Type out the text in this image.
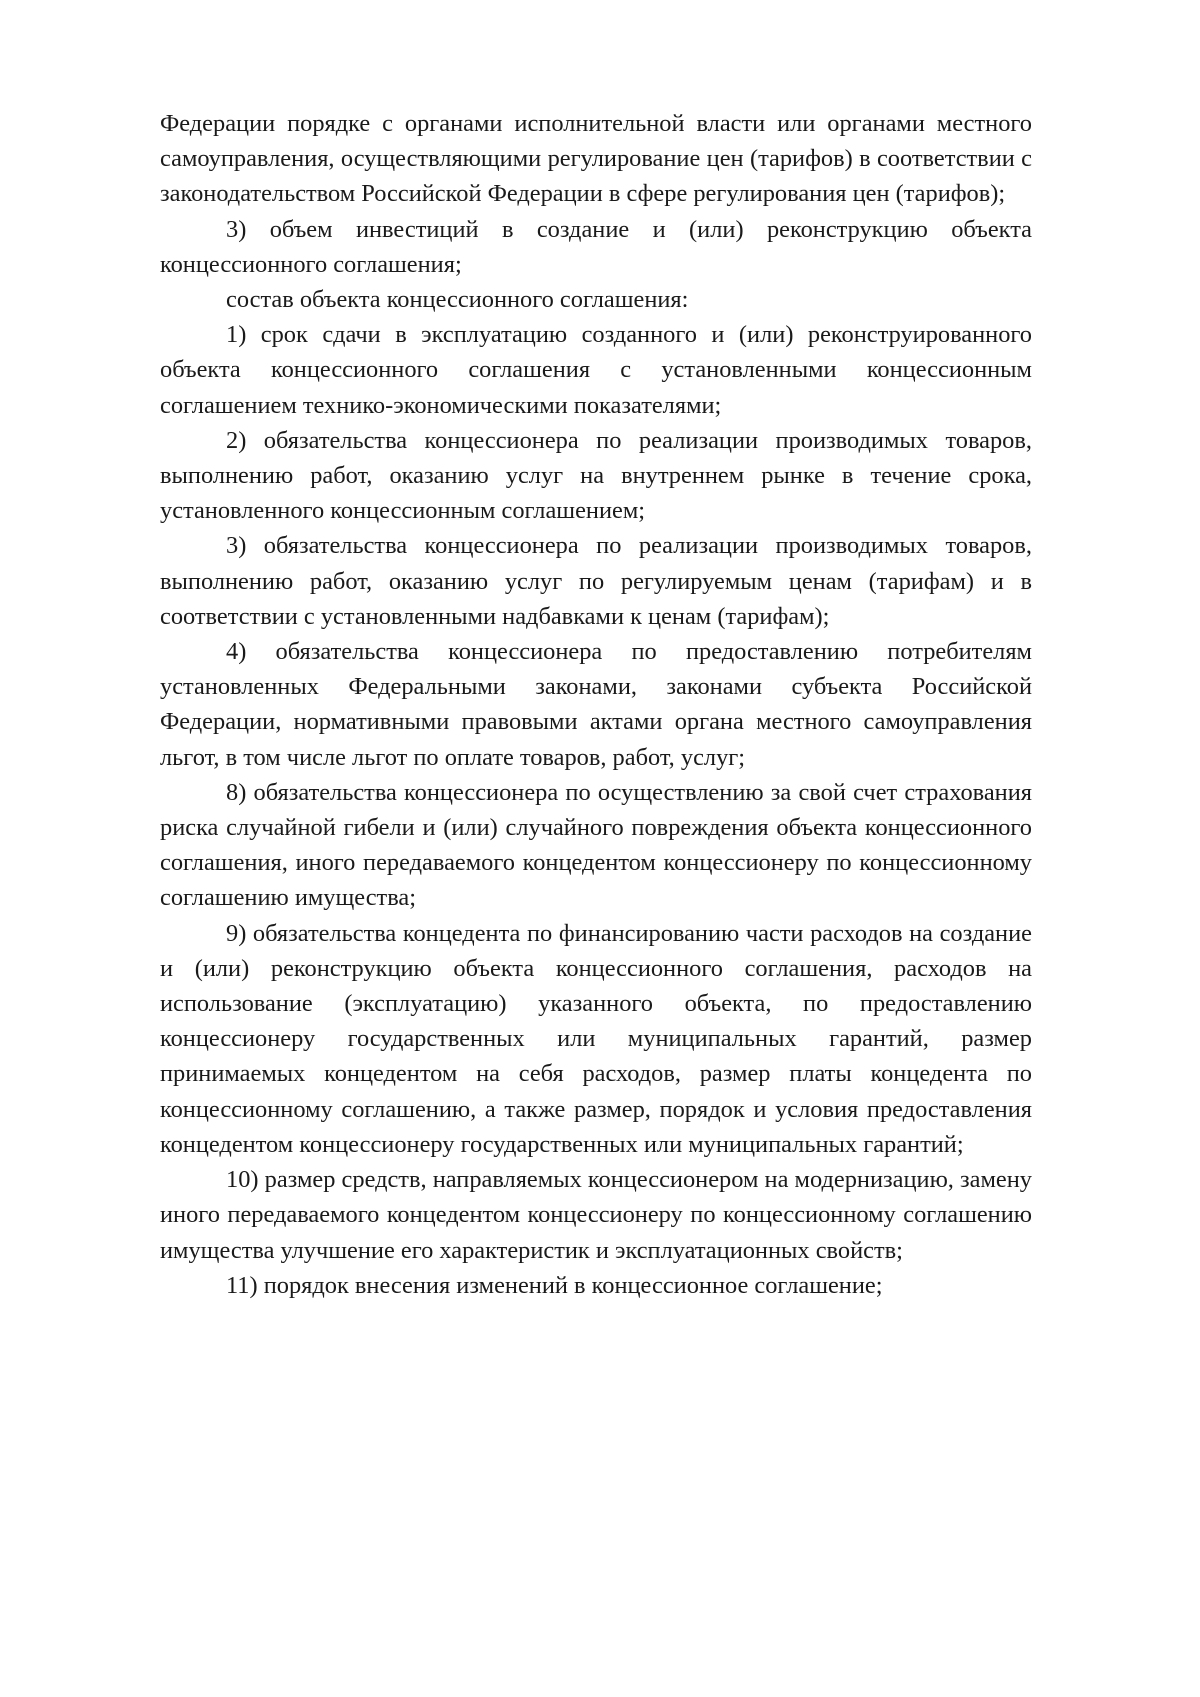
Федерации порядке с органами исполнительной власти или органами местного самоуправления, осуществляющими регулирование цен (тарифов) в соответствии с законодательством Российской Федерации в сфере регулирования цен (тарифов);

3) объем инвестиций в создание и (или) реконструкцию объекта концессионного соглашения;

состав объекта концессионного соглашения:

1) срок сдачи в эксплуатацию созданного и (или) реконструированного объекта концессионного соглашения с установленными концессионным соглашением технико-экономическими показателями;

2) обязательства концессионера по реализации производимых товаров, выполнению работ, оказанию услуг на внутреннем рынке в течение срока, установленного концессионным соглашением;

3) обязательства концессионера по реализации производимых товаров, выполнению работ, оказанию услуг по регулируемым ценам (тарифам) и в соответствии с установленными надбавками к ценам (тарифам);

4) обязательства концессионера по предоставлению потребителям установленных Федеральными законами, законами субъекта Российской Федерации, нормативными правовыми актами органа местного самоуправления льгот, в том числе льгот по оплате товаров, работ, услуг;

8) обязательства концессионера по осуществлению за свой счет страхования риска случайной гибели и (или) случайного повреждения объекта концессионного соглашения, иного передаваемого концедентом концессионеру по концессионному соглашению имущества;

9) обязательства концедента по финансированию части расходов на создание и (или) реконструкцию объекта концессионного соглашения, расходов на использование (эксплуатацию) указанного объекта, по предоставлению концессионеру государственных или муниципальных гарантий, размер принимаемых концедентом на себя расходов, размер платы концедента по концессионному соглашению, а также размер, порядок и условия предоставления концедентом концессионеру государственных или муниципальных гарантий;

10) размер средств, направляемых концессионером на модернизацию, замену иного передаваемого концедентом концессионеру по концессионному соглашению имущества улучшение его характеристик и эксплуатационных свойств;

11) порядок внесения изменений в концессионное соглашение;
